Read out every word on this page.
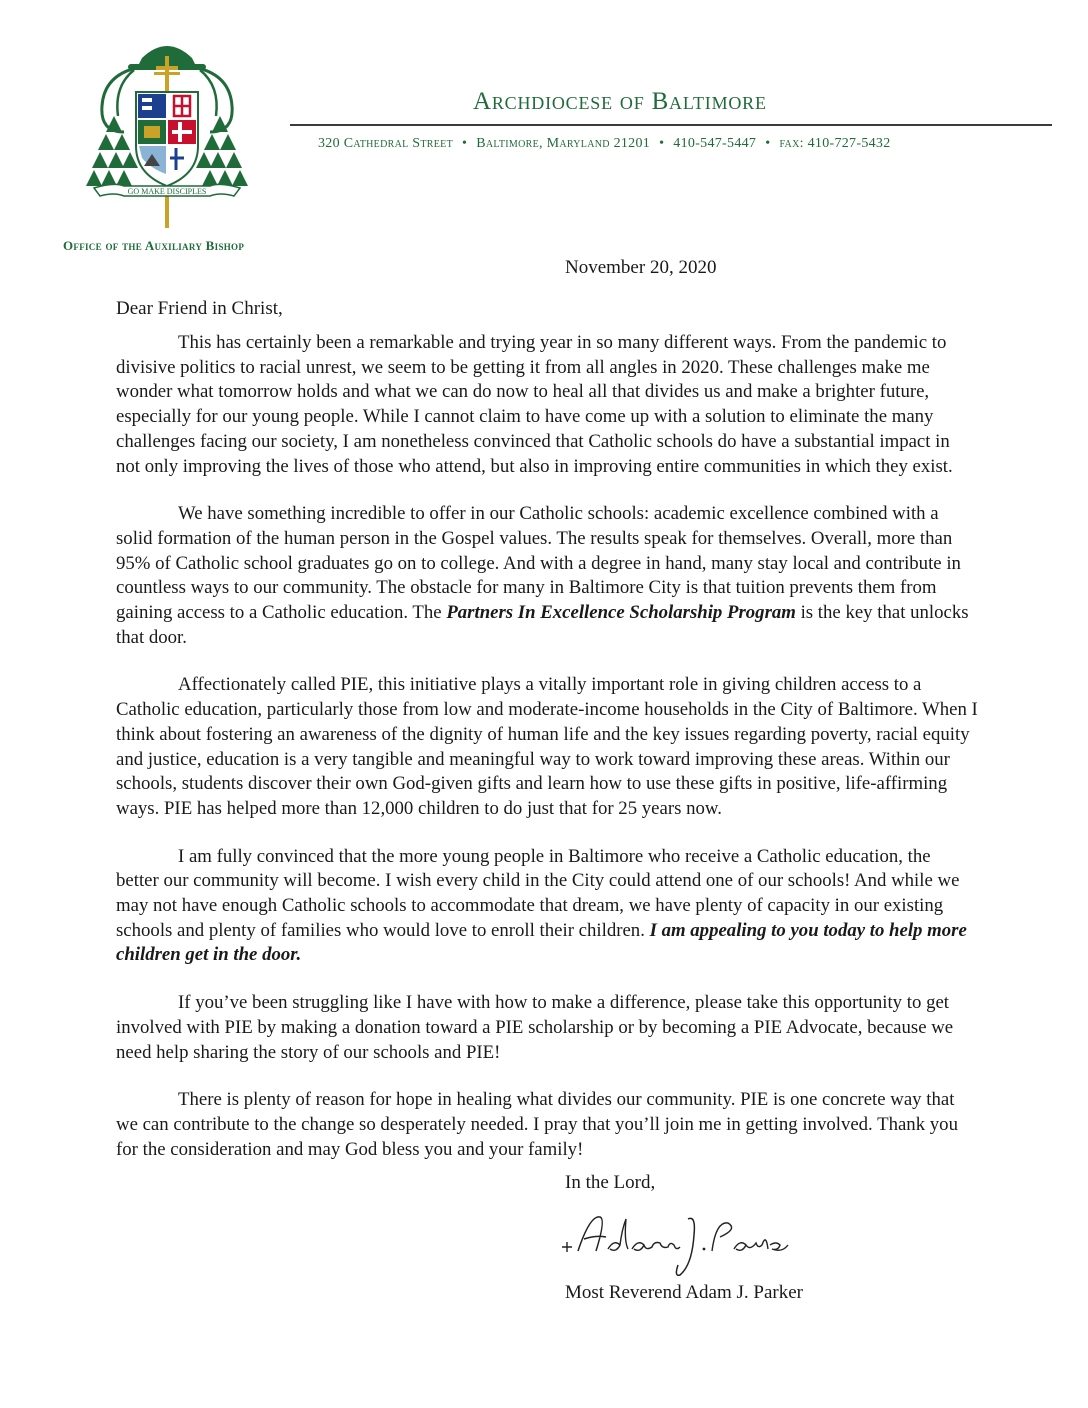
GO MAKE DISCIPLES
Office of the Auxiliary Bishop
Archdiocese of Baltimore
320 Cathedral Street • Baltimore, Maryland 21201 • 410-547-5447 • fax: 410-727-5432
November 20, 2020
Dear Friend in Christ,

This has certainly been a remarkable and trying year in so many different ways. From the pandemic to divisive politics to racial unrest, we seem to be getting it from all angles in 2020. These challenges make me wonder what tomorrow holds and what we can do now to heal all that divides us and make a brighter future, especially for our young people. While I cannot claim to have come up with a solution to eliminate the many challenges facing our society, I am nonetheless convinced that Catholic schools do have a substantial impact in not only improving the lives of those who attend, but also in improving entire communities in which they exist.

We have something incredible to offer in our Catholic schools: academic excellence combined with a solid formation of the human person in the Gospel values. The results speak for themselves. Overall, more than 95% of Catholic school graduates go on to college. And with a degree in hand, many stay local and contribute in countless ways to our community. The obstacle for many in Baltimore City is that tuition prevents them from gaining access to a Catholic education. The Partners In Excellence Scholarship Program is the key that unlocks that door.

Affectionately called PIE, this initiative plays a vitally important role in giving children access to a Catholic education, particularly those from low and moderate-income households in the City of Baltimore. When I think about fostering an awareness of the dignity of human life and the key issues regarding poverty, racial equity and justice, education is a very tangible and meaningful way to work toward improving these areas. Within our schools, students discover their own God-given gifts and learn how to use these gifts in positive, life-affirming ways. PIE has helped more than 12,000 children to do just that for 25 years now.

I am fully convinced that the more young people in Baltimore who receive a Catholic education, the better our community will become. I wish every child in the City could attend one of our schools! And while we may not have enough Catholic schools to accommodate that dream, we have plenty of capacity in our existing schools and plenty of families who would love to enroll their children. I am appealing to you today to help more children get in the door.

If you’ve been struggling like I have with how to make a difference, please take this opportunity to get involved with PIE by making a donation toward a PIE scholarship or by becoming a PIE Advocate, because we need help sharing the story of our schools and PIE!

There is plenty of reason for hope in healing what divides our community. PIE is one concrete way that we can contribute to the change so desperately needed. I pray that you’ll join me in getting involved. Thank you for the consideration and may God bless you and your family!

In the Lord,
Most Reverend Adam J. Parker
